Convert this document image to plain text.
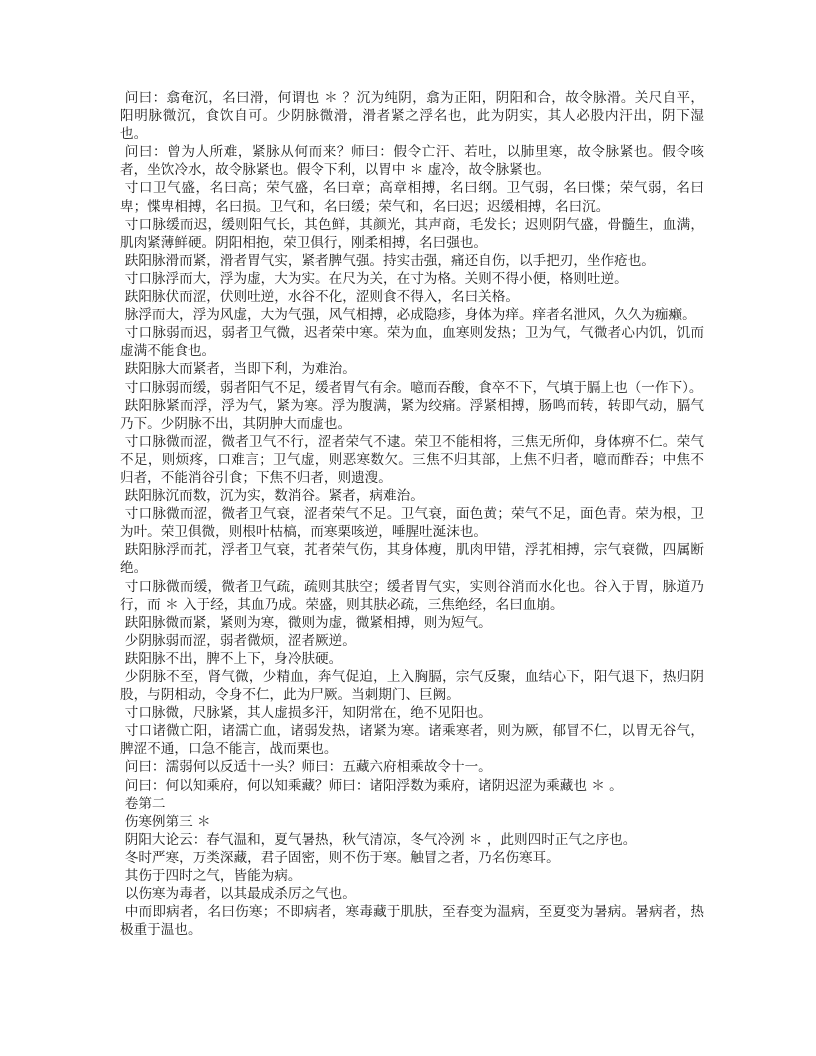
问曰：翕奄沉，名曰滑，何谓也 ＊ ？沉为纯阴，翕为正阳，阴阳和合，故令脉滑。关尺自平，阳明脉微沉，食饮自可。少阴脉微滑，滑者紧之浮名也，此为阴实，其人必股内汗出，阴下湿也。

问曰：曾为人所难，紧脉从何而来？师曰：假令亡汗、若吐，以肺里寒，故令脉紧也。假令咳者，坐饮冷水，故令脉紧也。假令下利，以胃中 ＊ 虚冷，故令脉紧也。

寸口卫气盛，名曰高；荣气盛，名曰章；高章相搏，名曰纲。卫气弱，名曰惵；荣气弱，名曰卑；惵卑相搏，名曰损。卫气和，名曰缓；荣气和，名曰迟；迟缓相搏，名曰沉。

寸口脉缓而迟，缓则阳气长，其色鲜，其颜光，其声商，毛发长；迟则阴气盛，骨髓生，血满，肌肉紧薄鲜硬。阴阳相抱，荣卫俱行，刚柔相搏，名曰强也。

趺阳脉滑而紧，滑者胃气实，紧者脾气强。持实击强，痛还自伤，以手把刃，坐作疮也。

寸口脉浮而大，浮为虚，大为实。在尺为关，在寸为格。关则不得小便，格则吐逆。

趺阳脉伏而涩，伏则吐逆，水谷不化，涩则食不得入，名曰关格。

脉浮而大，浮为风虚，大为气强，风气相搏，必成隐疹，身体为痒。痒者名泄风，久久为痂癞。

寸口脉弱而迟，弱者卫气微，迟者荣中寒。荣为血，血寒则发热；卫为气，气微者心内饥，饥而虚满不能食也。

趺阳脉大而紧者，当即下利，为难治。

寸口脉弱而缓，弱者阳气不足，缓者胃气有余。噫而吞酸，食卒不下，气填于膈上也（一作下）。

趺阳脉紧而浮，浮为气，紧为寒。浮为腹满，紧为绞痛。浮紧相搏，肠鸣而转，转即气动，膈气乃下。少阴脉不出，其阴肿大而虚也。

寸口脉微而涩，微者卫气不行，涩者荣气不逮。荣卫不能相将，三焦无所仰，身体痹不仁。荣气不足，则烦疼，口难言；卫气虚，则恶寒数欠。三焦不归其部，上焦不归者，噫而酢吞；中焦不归者，不能消谷引食；下焦不归者，则遗溲。

趺阳脉沉而数，沉为实，数消谷。紧者，病难治。

寸口脉微而涩，微者卫气衰，涩者荣气不足。卫气衰，面色黄；荣气不足，面色青。荣为根，卫为叶。荣卫俱微，则根叶枯槁，而寒栗咳逆，唾腥吐涎沫也。

趺阳脉浮而芤，浮者卫气衰，芤者荣气伤，其身体瘦，肌肉甲错，浮芤相搏，宗气衰微，四属断绝。

寸口脉微而缓，微者卫气疏，疏则其肤空；缓者胃气实，实则谷消而水化也。谷入于胃，脉道乃行，而 ＊ 入于经，其血乃成。荣盛，则其肤必疏，三焦绝经，名曰血崩。

趺阳脉微而紧，紧则为寒，微则为虚，微紧相搏，则为短气。

少阴脉弱而涩，弱者微烦，涩者厥逆。

趺阳脉不出，脾不上下，身冷肤硬。

少阴脉不至，肾气微，少精血，奔气促迫，上入胸膈，宗气反聚，血结心下，阳气退下，热归阴股，与阴相动，令身不仁，此为尸厥。当刺期门、巨阙。

寸口脉微，尺脉紧，其人虚损多汗，知阴常在，绝不见阳也。

寸口诸微亡阳，诸濡亡血，诸弱发热，诸紧为寒。诸乘寒者，则为厥，郁冒不仁，以胃无谷气，脾涩不通，口急不能言，战而栗也。

问曰：濡弱何以反适十一头？师曰：五藏六府相乘故令十一。

问曰：何以知乘府，何以知乘藏？师曰：诸阳浮数为乘府，诸阴迟涩为乘藏也 ＊ 。

卷第二

伤寒例第三 ＊

阴阳大论云：春气温和，夏气暑热，秋气清凉，冬气冷洌 ＊ ，此则四时正气之序也。

冬时严寒，万类深藏，君子固密，则不伤于寒。触冒之者，乃名伤寒耳。

其伤于四时之气，皆能为病。

以伤寒为毒者，以其最成杀厉之气也。

中而即病者，名曰伤寒；不即病者，寒毒藏于肌肤，至春变为温病，至夏变为暑病。暑病者，热极重于温也。
